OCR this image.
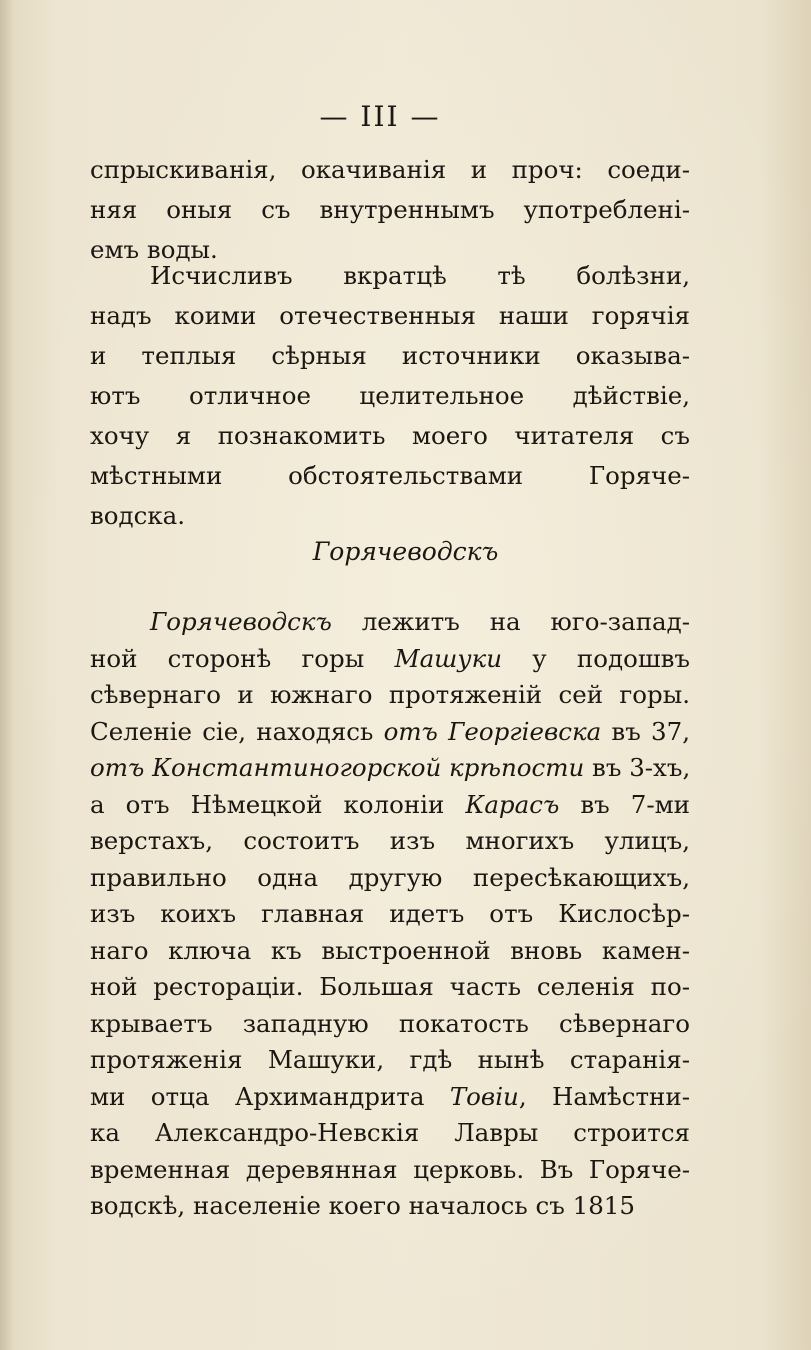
— III —
спрыскиванія, окачиванія и проч: соеди-
няя оныя съ внутреннымъ употреблені-
емъ воды.
Исчисливъ вкратцѣ тѣ болѣзни,
надъ коими отечественныя наши горячія
и теплыя сѣрныя источники оказыва-
ютъ отличное целительное дѣйствіе,
хочу я познакомить моего читателя съ
мѣстными обстоятельствами Горяче-
водска.
Горячеводскъ
Горячеводскъ лежитъ на юго-запад-
ной сторонѣ горы Машуки у подошвъ
сѣвернаго и южнаго протяженій сей горы.
Селеніе сіе, находясь отъ Георгіевска въ 37,
отъ Константиногорской крѣпости въ 3-хъ,
а отъ Нѣмецкой колоніи Карасъ въ 7-ми
верстахъ, состоитъ изъ многихъ улицъ,
правильно одна другую пересѣкающихъ,
изъ коихъ главная идетъ отъ Кислосѣр-
наго ключа къ выстроенной вновь камен-
ной рестораціи. Большая часть селенія по-
крываетъ западную покатость сѣвернаго
протяженія Машуки, гдѣ нынѣ старанія-
ми отца Архимандрита Товіи, Намѣстни-
ка Александро-Невскія Лавры строится
временная деревянная церковь. Въ Горяче-
водскѣ, населеніе коего началось съ 1815
